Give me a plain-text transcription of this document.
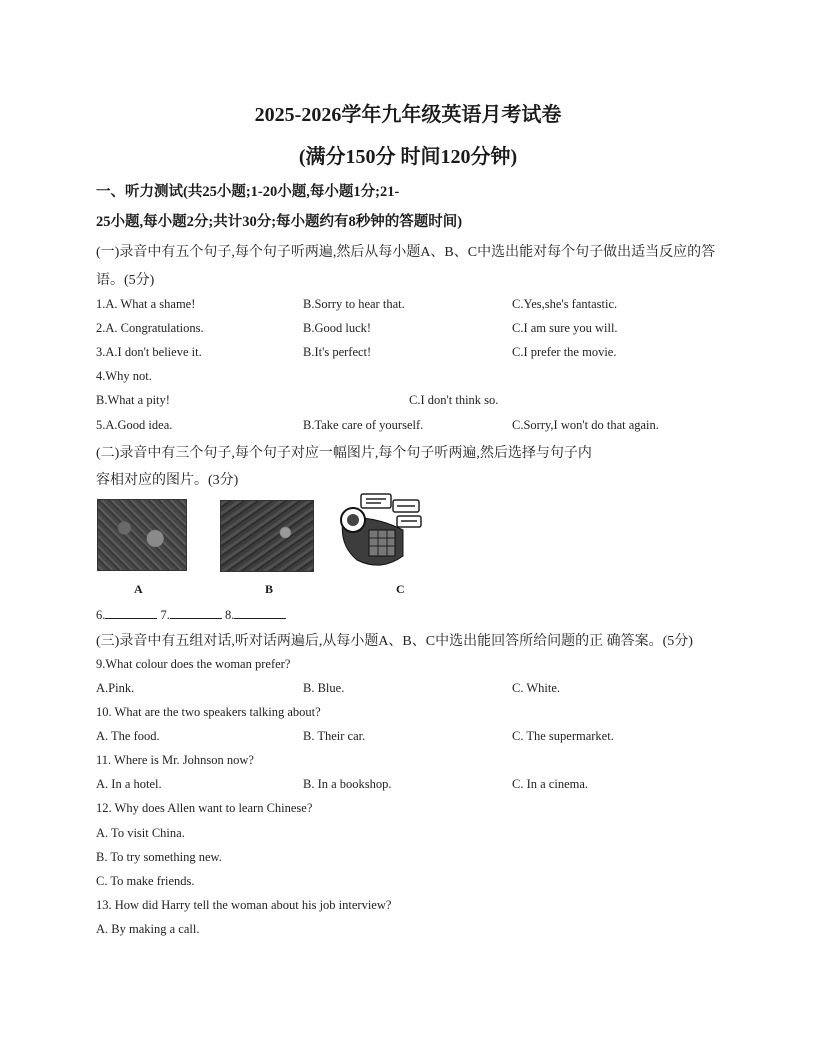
2025-2026学年九年级英语月考试卷
(满分150分 时间120分钟)
一、听力测试(共25小题;1-20小题,每小题1分;21-
25小题,每小题2分;共计30分;每小题约有8秒钟的答题时间)
(一)录音中有五个句子,每个句子听两遍,然后从每小题A、B、C中选出能对每个句子做出适当反应的答
语。(5分)
1.A. What a shame!	B.Sorry to hear that.	C.Yes,she's fantastic.
2.A. Congratulations.	B.Good luck!	C.I am sure you will.
3.A.I don't believe it.	B.It's perfect!	C.I prefer the movie.
4.Why not.
B.What a pity!	C.I don't think so.
5.A.Good idea.	B.Take care of yourself.	C.Sorry,I won't do that again.
(二)录音中有三个句子,每个句子对应一幅图片,每个句子听两遍,然后选择与句子内
容相对应的图片。(3分)
A	B	C
6.	7.	8.
(三)录音中有五组对话,听对话两遍后,从每小题A、B、C中选出能回答所给问题的正 确答案。(5分)
9.What colour does the woman prefer?
A.Pink.	B. Blue.	C. White.
10. What are the two speakers talking about?
A. The food.	B. Their car.	C. The supermarket.
11. Where is Mr. Johnson now?
A. In a hotel.	B. In a bookshop.	C. In a cinema.
12. Why does Allen want to learn Chinese?
A. To visit China.
B. To try something new.
C. To make friends.
13. How did Harry tell the woman about his job interview?
A. By making a call.
